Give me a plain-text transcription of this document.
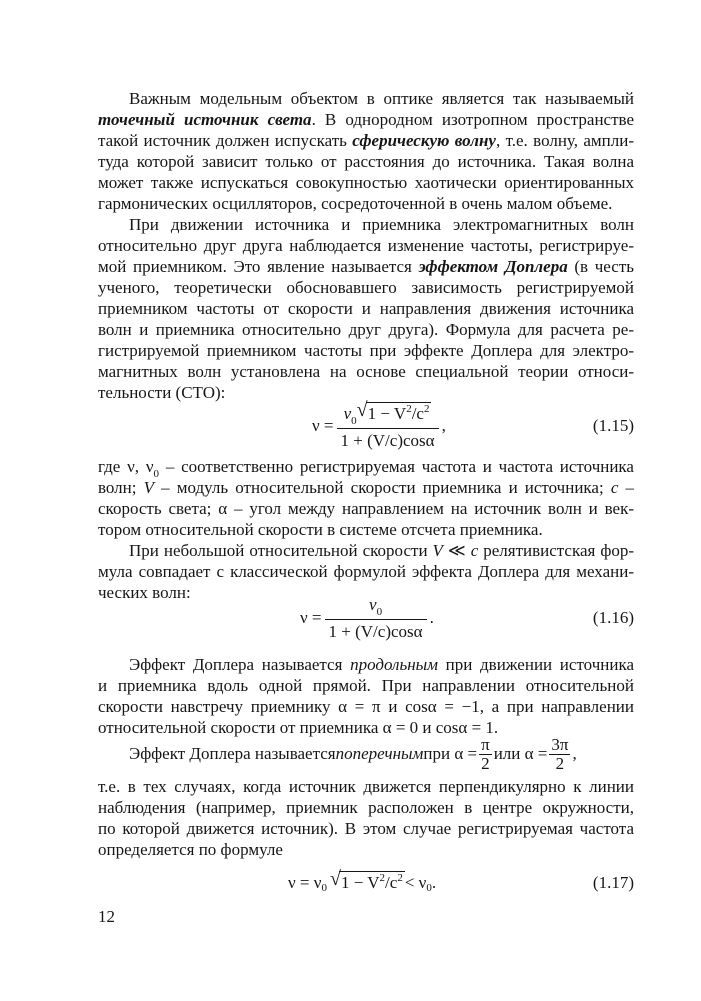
Важным модельным объектом в оптике является так называемый
точечный источник света. В однородном изотропном пространстве
такой источник должен испускать сферическую волну, т.е. волну, ампли-
туда которой зависит только от расстояния до источника. Такая волна
может также испускаться совокупностью хаотически ориентированных
гармонических осцилляторов, сосредоточенной в очень малом объеме.
При движении источника и приемника электромагнитных волн
относительно друг друга наблюдается изменение частоты, регистрируе-
мой приемником. Это явление называется эффектом Доплера (в честь
ученого, теоретически обосновавшего зависимость регистрируемой
приемником частоты от скорости и направления движения источника
волн и приемника относительно друг друга). Формула для расчета ре-
гистрируемой приемником частоты при эффекте Доплера для электро-
магнитных волн установлена на основе специальной теории относи-
тельности (СТО):
$\nu = \frac{\nu_0 √ 1 - V^2/c^2}{1 + (V/c)\cos\alpha}$ ,	(1.15)
где ν, $\nu_0$ – соответственно регистрируемая частота и частота источника
волн; V – модуль относительной скорости приемника и источника; c –
скорость света; α – угол между направлением на источник волн и век-
тором относительной скорости в системе отсчета приемника.
При небольшой относительной скорости V ≪ c релятивистская фор-
мула совпадает с классической формулой эффекта Доплера для механи-
ческих волн:
$\nu = \frac{\nu_0}{1 + (V/c)\cos\alpha}$ .	(1.16)
Эффект Доплера называется продольным при движении источника
и приемника вдоль одной прямой. При направлении относительной
скорости навстречу приемнику α = π и cosα = −1, а при направлении
относительной скорости от приемника α = 0 и cosα = 1.
Эффект Доплера называется поперечным при $\alpha = \frac{\pi}{2}$ или $\alpha = \frac{3\pi}{2}$ ,
т.е. в тех случаях, когда источник движется перпендикулярно к линии
наблюдения (например, приемник расположен в центре окружности,
по которой движется источник). В этом случае регистрируемая частота
определяется по формуле
ν = ν 0 √ $1 - V^2/c^2 < \nu$ 0 .	(1.17)
12
